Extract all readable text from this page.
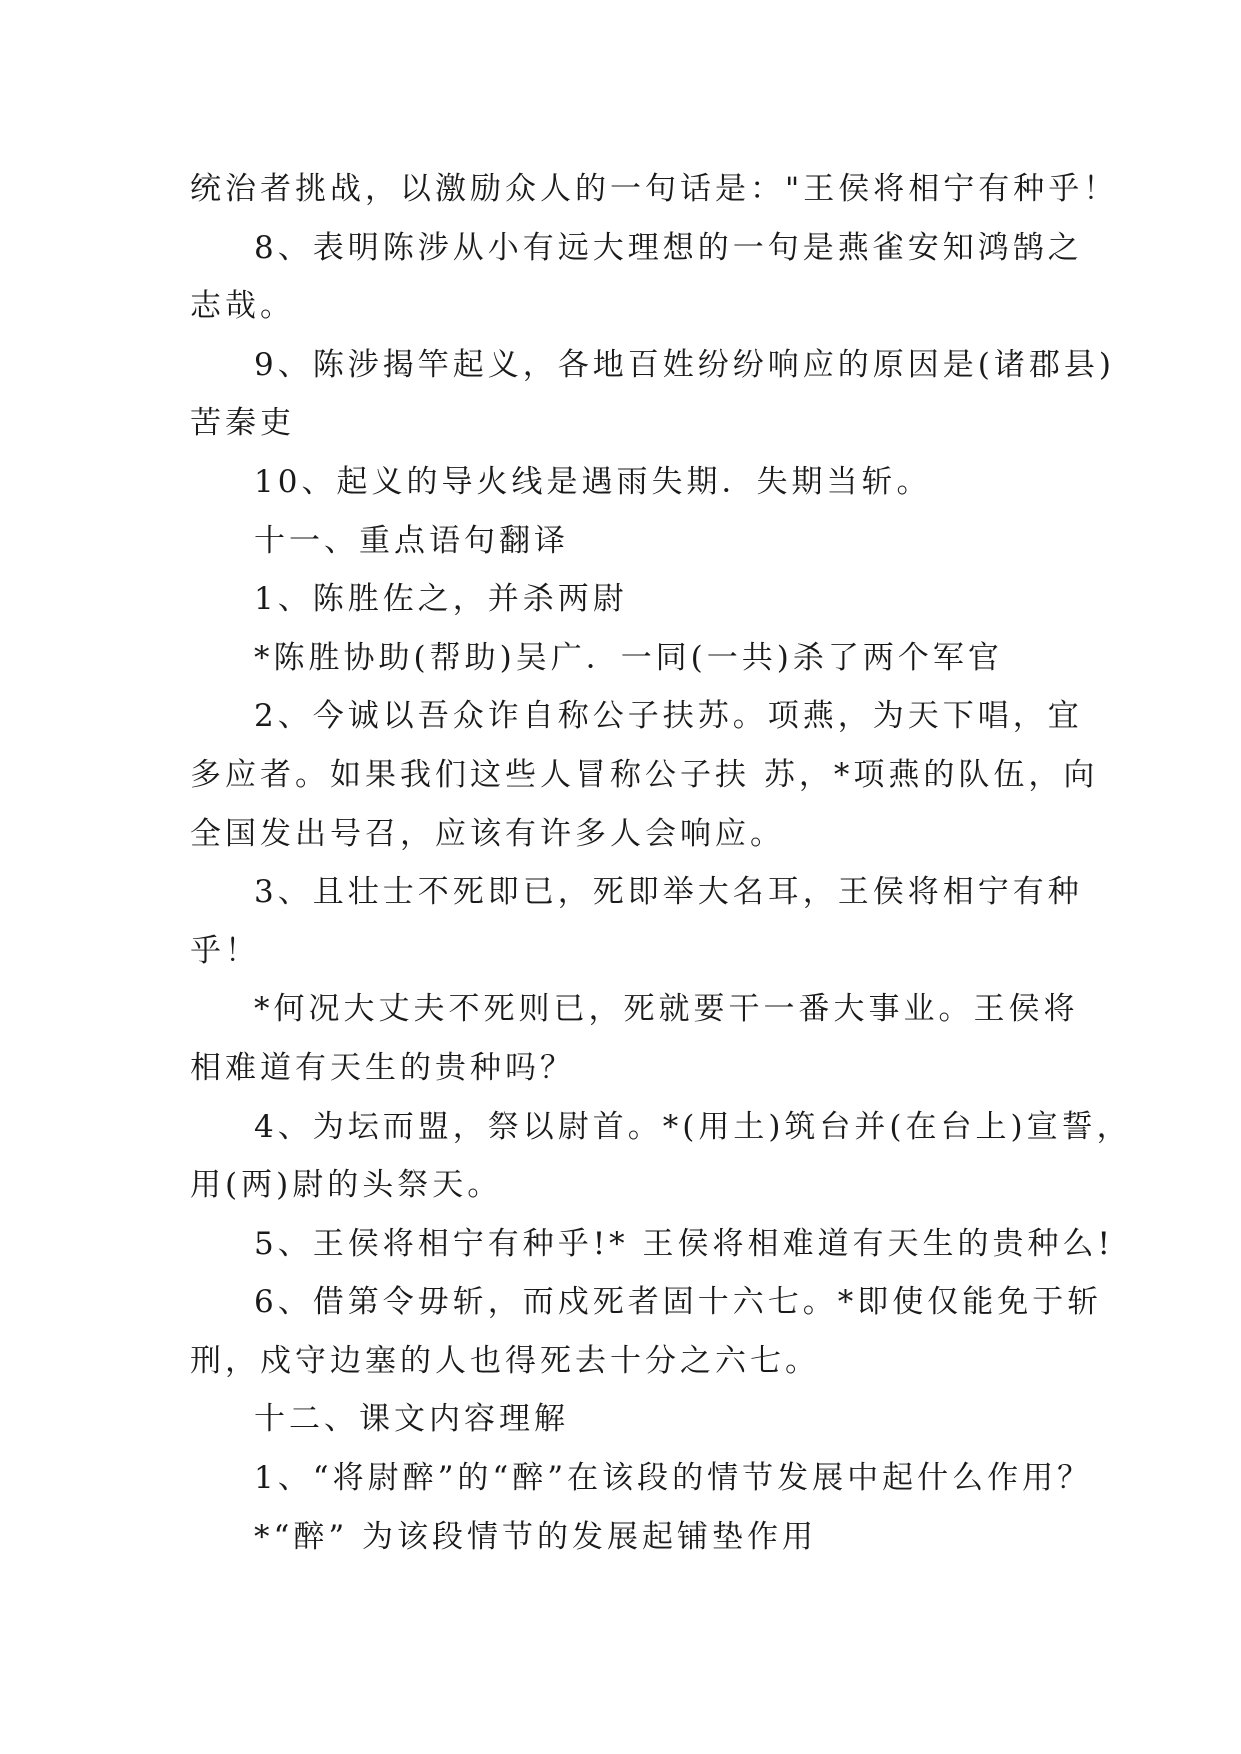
统治者挑战，以激励众人的一句话是："王侯将相宁有种乎！
8、表明陈涉从小有远大理想的一句是燕雀安知鸿鹄之
志哉。
9、陈涉揭竿起义，各地百姓纷纷响应的原因是(诸郡县)
苦秦吏
10、起义的导火线是遇雨失期．失期当斩。
十一、重点语句翻译
1、陈胜佐之，并杀两尉
*陈胜协助(帮助)吴广．一同(一共)杀了两个军官
2、今诚以吾众诈自称公子扶苏。项燕，为天下唱，宜
多应者。如果我们这些人冒称公子扶 苏，*项燕的队伍，向
全国发出号召，应该有许多人会响应。
3、且壮士不死即已，死即举大名耳，王侯将相宁有种
乎！
*何况大丈夫不死则已，死就要干一番大事业。王侯将
相难道有天生的贵种吗？
4、为坛而盟，祭以尉首。*(用土)筑台并(在台上)宣誓，
用(两)尉的头祭天。
5、王侯将相宁有种乎!* 王侯将相难道有天生的贵种么!
6、借第令毋斩，而戍死者固十六七。*即使仅能免于斩
刑，戍守边塞的人也得死去十分之六七。
十二、课文内容理解
1、“将尉醉”的“醉”在该段的情节发展中起什么作用？
*“醉” 为该段情节的发展起铺垫作用
